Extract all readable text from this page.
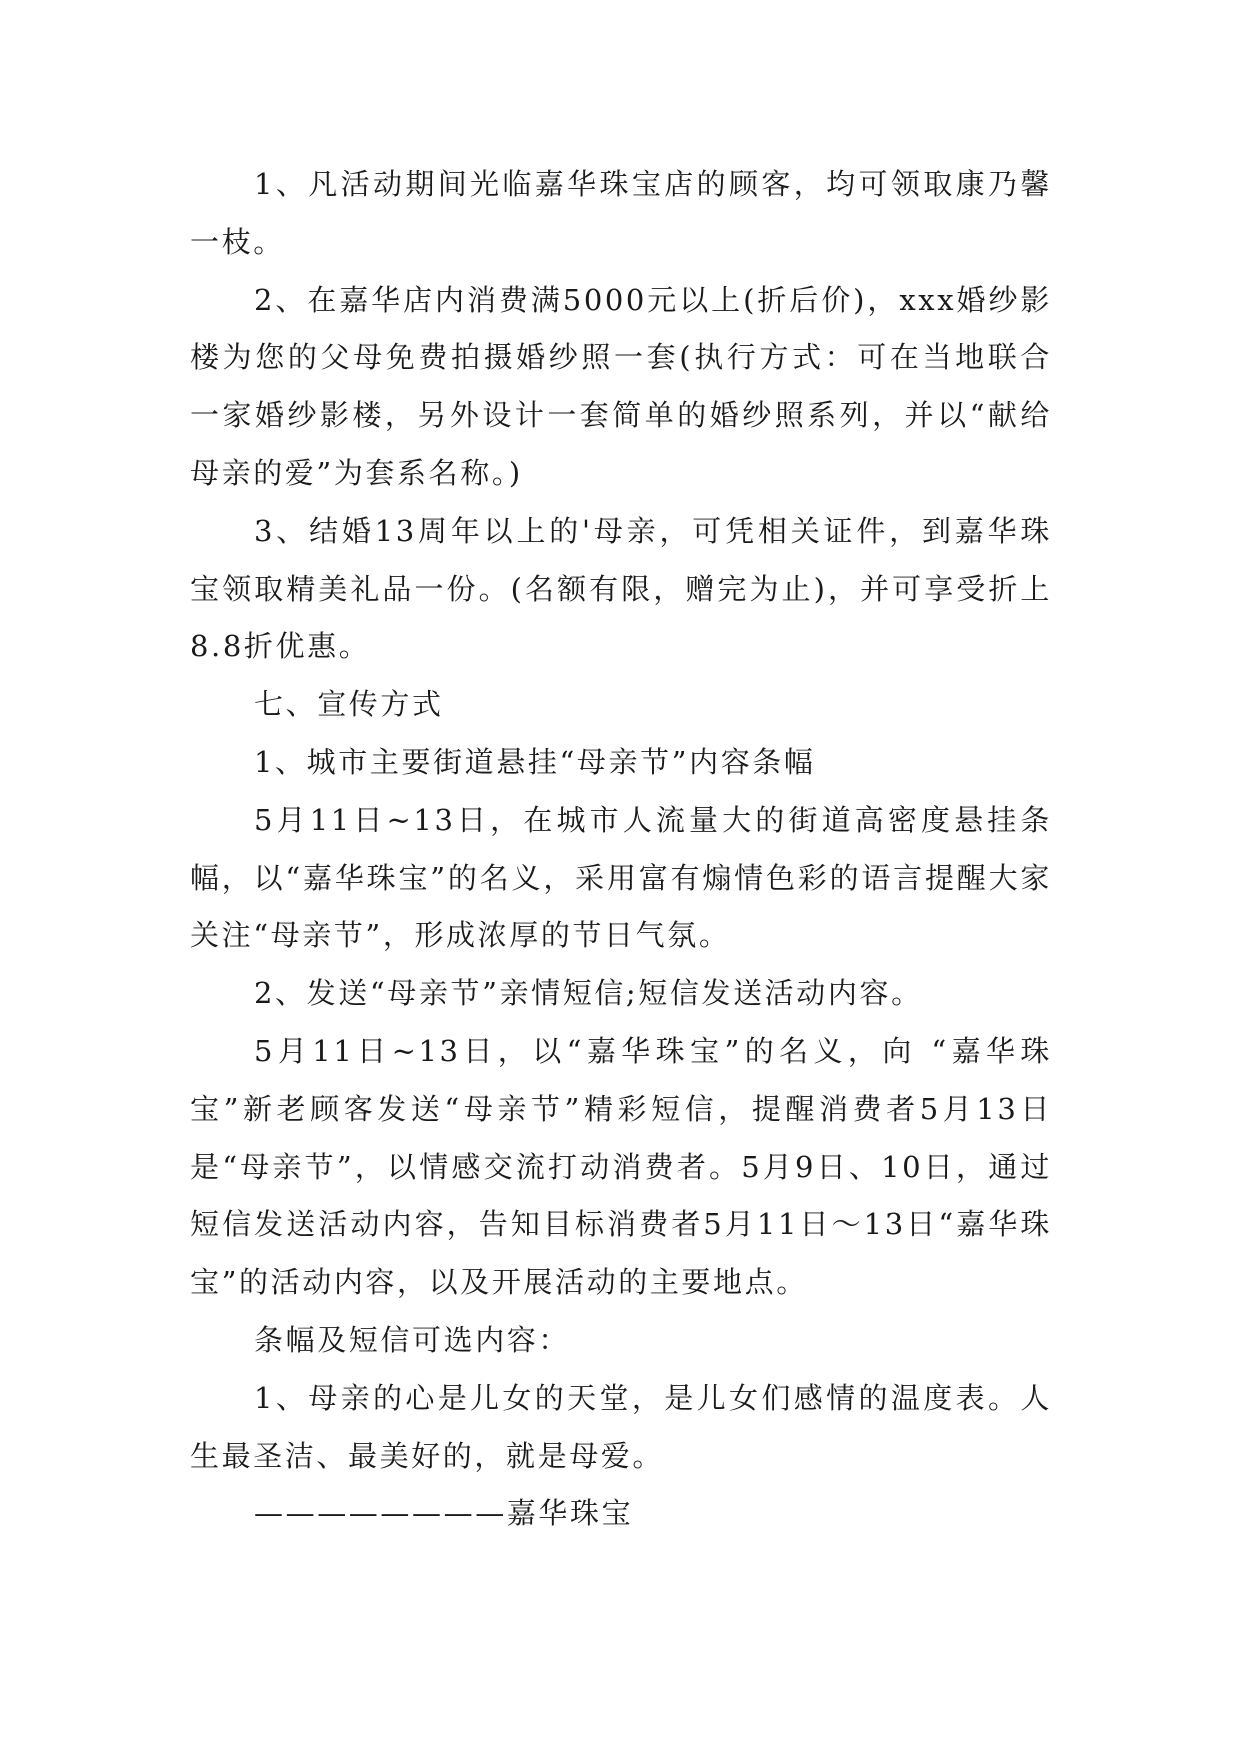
1、凡活动期间光临嘉华珠宝店的顾客，均可领取康乃馨一枝。

2、在嘉华店内消费满5000元以上(折后价)，xxx婚纱影楼为您的父母免费拍摄婚纱照一套(执行方式：可在当地联合一家婚纱影楼，另外设计一套简单的婚纱照系列，并以“献给母亲的爱”为套系名称。)

3、结婚13周年以上的'母亲，可凭相关证件，到嘉华珠宝领取精美礼品一份。(名额有限，赠完为止)，并可享受折上8.8折优惠。

七、宣传方式

1、城市主要街道悬挂“母亲节”内容条幅

5月11日~13日，在城市人流量大的街道高密度悬挂条幅，以“嘉华珠宝”的名义，采用富有煽情色彩的语言提醒大家关注“母亲节”，形成浓厚的节日气氛。

2、发送“母亲节”亲情短信;短信发送活动内容。

5月11日~13日，以“嘉华珠宝”的名义，向 “嘉华珠宝”新老顾客发送“母亲节”精彩短信，提醒消费者5月13日是“母亲节”，以情感交流打动消费者。5月9日、10日，通过短信发送活动内容，告知目标消费者5月11日～13日“嘉华珠宝”的活动内容，以及开展活动的主要地点。

条幅及短信可选内容：

1、母亲的心是儿女的天堂，是儿女们感情的温度表。人生最圣洁、最美好的，就是母爱。

————————嘉华珠宝
